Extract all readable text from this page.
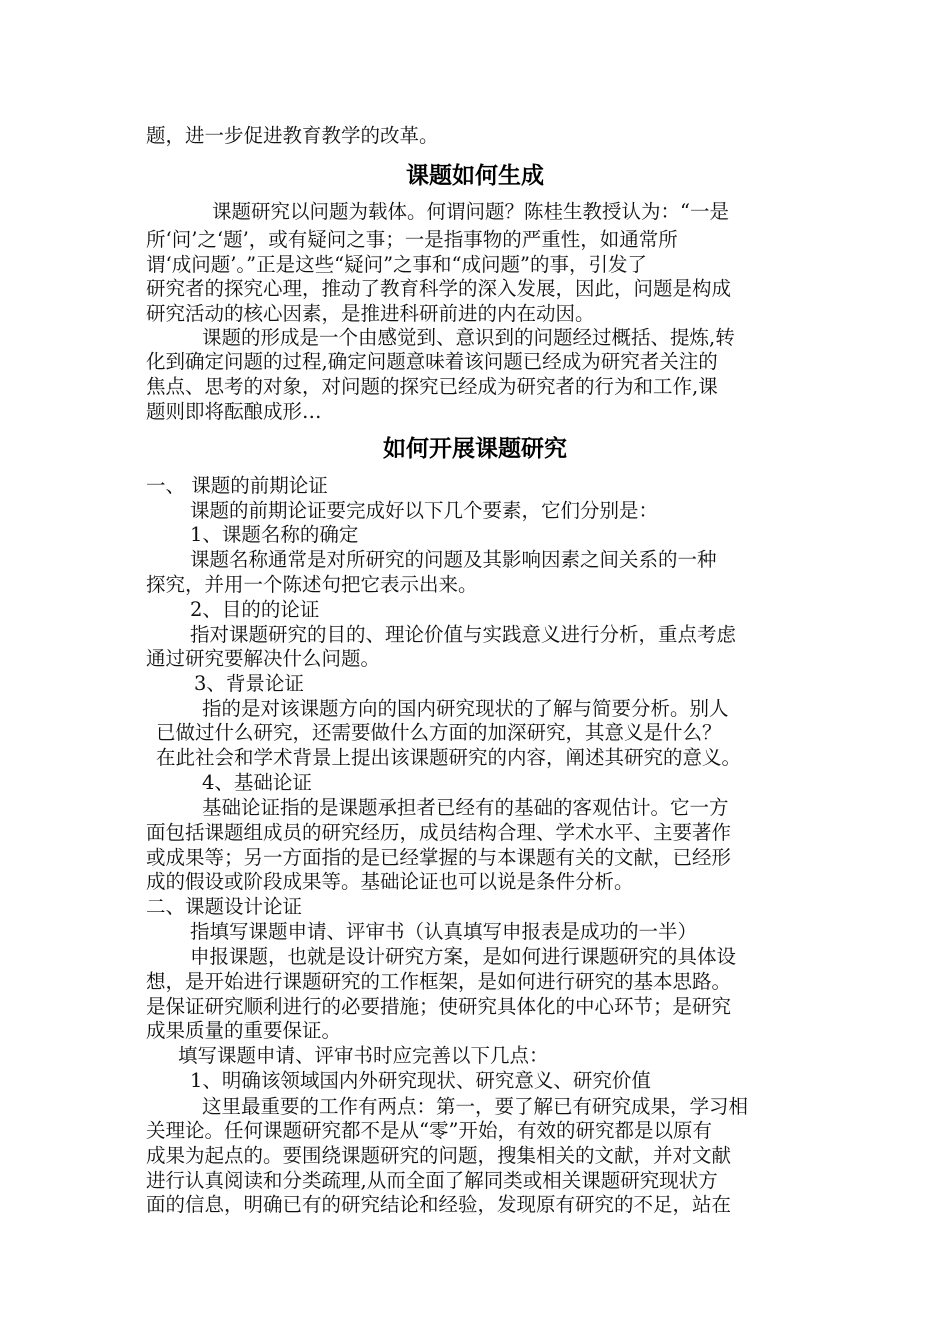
题，进一步促进教育教学的改革。
课题如何生成
课题研究以问题为载体。何谓问题？陈桂生教授认为：“一是
所‘问’之‘题’，或有疑问之事；一是指事物的严重性，如通常所
谓‘成问题’。”正是这些“疑问”之事和“成问题”的事，引发了
研究者的探究心理，推动了教育科学的深入发展，因此，问题是构成
研究活动的核心因素，是推进科研前进的内在动因。
课题的形成是一个由感觉到、意识到的问题经过概括、提炼,转
化到确定问题的过程,确定问题意味着该问题已经成为研究者关注的
焦点、思考的对象，对问题的探究已经成为研究者的行为和工作,课
题则即将酝酿成形…
如何开展课题研究
一、 课题的前期论证
课题的前期论证要完成好以下几个要素，它们分别是：
1、课题名称的确定
课题名称通常是对所研究的问题及其影响因素之间关系的一种
探究，并用一个陈述句把它表示出来。
2、目的的论证
指对课题研究的目的、理论价值与实践意义进行分析，重点考虑
通过研究要解决什么问题。
3、背景论证
指的是对该课题方向的国内研究现状的了解与简要分析。别人
已做过什么研究，还需要做什么方面的加深研究，其意义是什么？
在此社会和学术背景上提出该课题研究的内容，阐述其研究的意义。
4、基础论证
基础论证指的是课题承担者已经有的基础的客观估计。它一方
面包括课题组成员的研究经历，成员结构合理、学术水平、主要著作
或成果等；另一方面指的是已经掌握的与本课题有关的文献，已经形
成的假设或阶段成果等。基础论证也可以说是条件分析。
二、课题设计论证
指填写课题申请、评审书（认真填写申报表是成功的一半）
申报课题，也就是设计研究方案，是如何进行课题研究的具体设
想，是开始进行课题研究的工作框架，是如何进行研究的基本思路。
是保证研究顺利进行的必要措施；使研究具体化的中心环节；是研究
成果质量的重要保证。
填写课题申请、评审书时应完善以下几点：
1、明确该领域国内外研究现状、研究意义、研究价值
这里最重要的工作有两点：第一，要了解已有研究成果，学习相
关理论。任何课题研究都不是从“零”开始，有效的研究都是以原有
成果为起点的。要围绕课题研究的问题，搜集相关的文献，并对文献
进行认真阅读和分类疏理,从而全面了解同类或相关课题研究现状方
面的信息，明确已有的研究结论和经验，发现原有研究的不足，站在
